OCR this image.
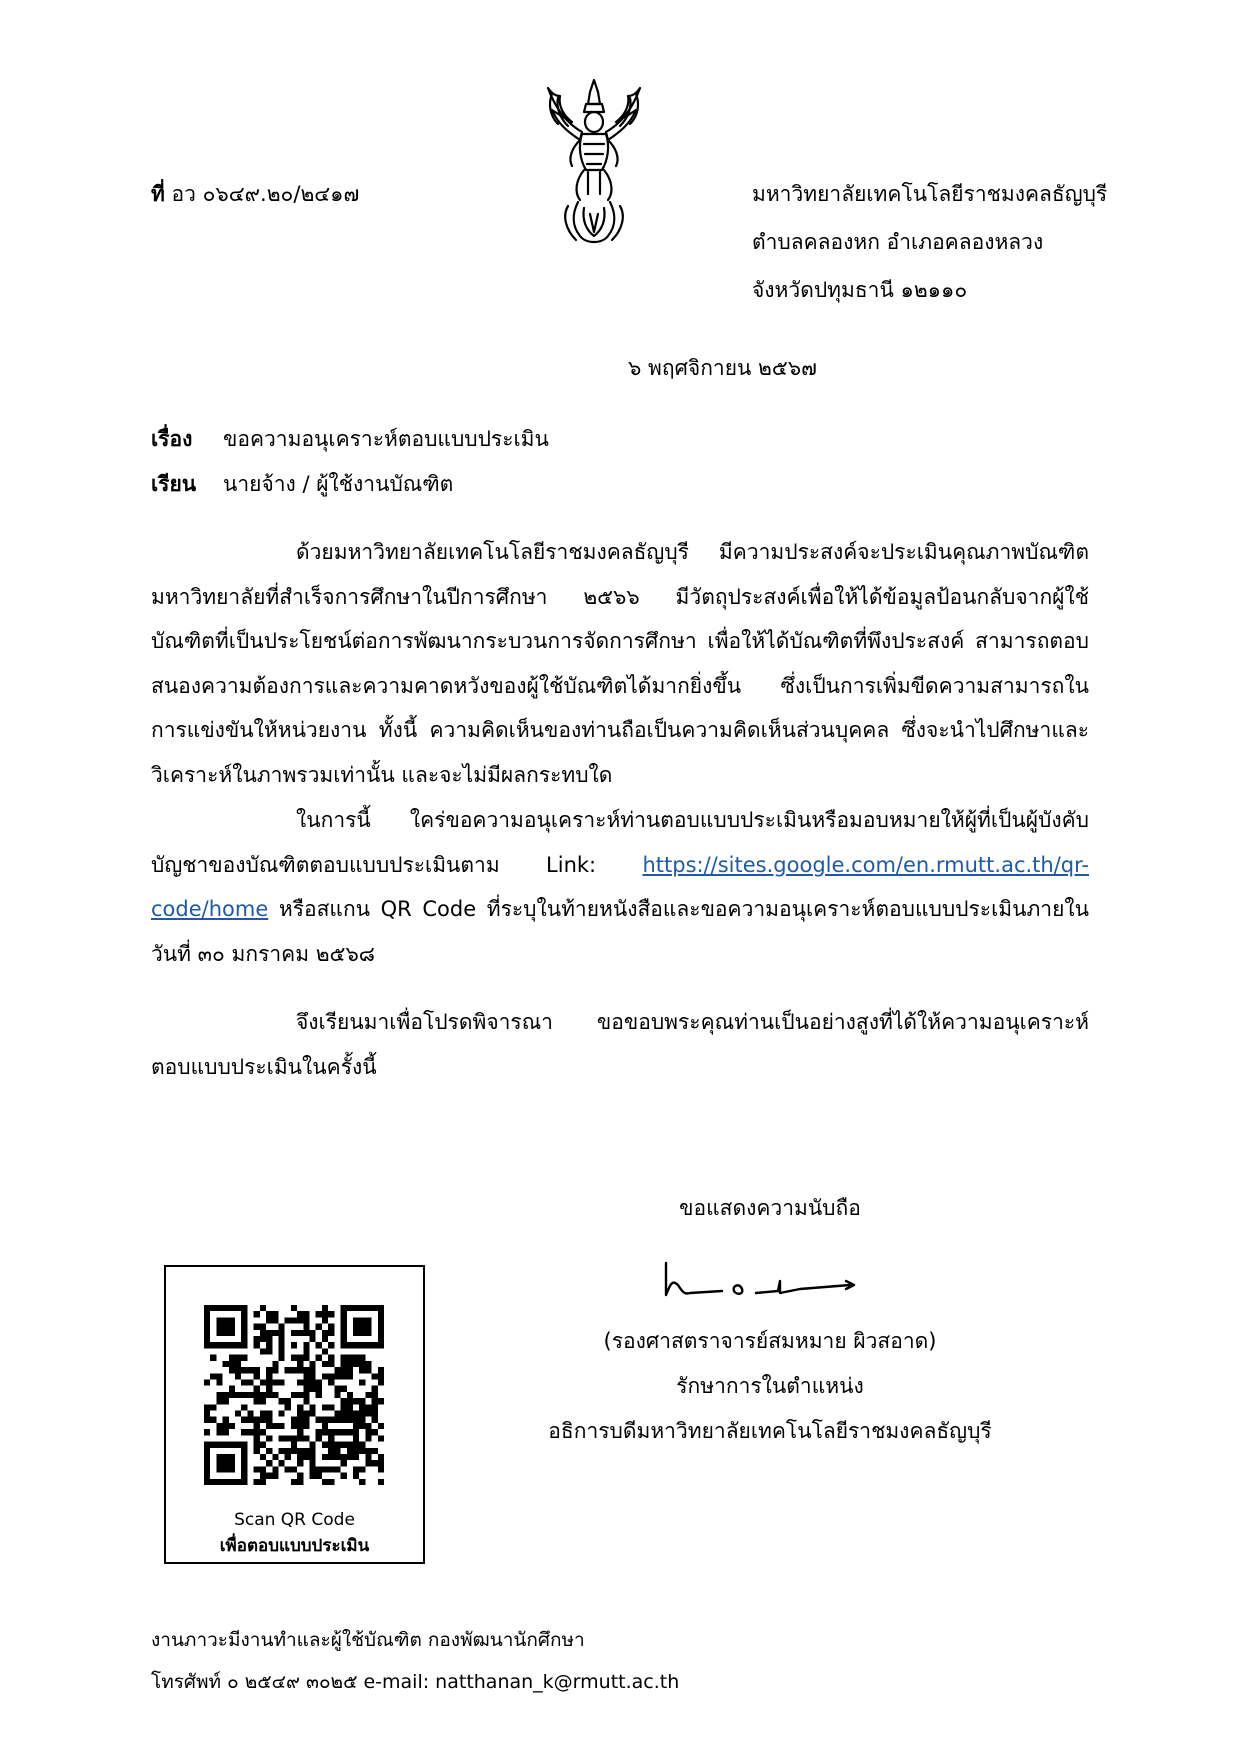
ที่ อว ๐๖๔๙.๒๐/๒๔๑๗	มหาวิทยาลัยเทคโนโลยีราชมงคลธัญบุรี
ตำบลคลองหก อำเภอคลองหลวง
จังหวัดปทุมธานี ๑๒๑๑๐
๖ พฤศจิกายน ๒๕๖๗
เรื่อง ขอความอนุเคราะห์ตอบแบบประเมิน
เรียน นายจ้าง / ผู้ใช้งานบัณฑิต

ด้วยมหาวิทยาลัยเทคโนโลยีราชมงคลธัญบุรี มีความประสงค์จะประเมินคุณภาพบัณฑิตมหาวิทยาลัยที่สำเร็จการศึกษาในปีการศึกษา ๒๕๖๖ มีวัตถุประสงค์เพื่อให้ได้ข้อมูลป้อนกลับจากผู้ใช้บัณฑิตที่เป็นประโยชน์ต่อการพัฒนากระบวนการจัดการศึกษา เพื่อให้ได้บัณฑิตที่พึงประสงค์ สามารถตอบสนองความต้องการและความคาดหวังของผู้ใช้บัณฑิตได้มากยิ่งขึ้น ซึ่งเป็นการเพิ่มขีดความสามารถในการแข่งขันให้หน่วยงาน ทั้งนี้ ความคิดเห็นของท่านถือเป็นความคิดเห็นส่วนบุคคล ซึ่งจะนำไปศึกษาและวิเคราะห์ในภาพรวมเท่านั้น และจะไม่มีผลกระทบใด

ในการนี้ ใคร่ขอความอนุเคราะห์ท่านตอบแบบประเมินหรือมอบหมายให้ผู้ที่เป็นผู้บังคับบัญชาของบัณฑิตตอบแบบประเมินตาม Link: https://sites.google.com/en.rmutt.ac.th/qr-code/home หรือสแกน QR Code ที่ระบุในท้ายหนังสือและขอความอนุเคราะห์ตอบแบบประเมินภายในวันที่ ๓๐ มกราคม ๒๕๖๘

จึงเรียนมาเพื่อโปรดพิจารณา ขอขอบพระคุณท่านเป็นอย่างสูงที่ได้ให้ความอนุเคราะห์ตอบแบบประเมินในครั้งนี้

ขอแสดงความนับถือ
(รองศาสตราจารย์สมหมาย ผิวสอาด)
รักษาการในตำแหน่ง
อธิการบดีมหาวิทยาลัยเทคโนโลยีราชมงคลธัญบุรี
Scan QR Code
เพื่อตอบแบบประเมิน
งานภาวะมีงานทำและผู้ใช้บัณฑิต กองพัฒนานักศึกษา
โทรศัพท์ ๐ ๒๕๔๙ ๓๐๒๕ e-mail: natthanan_k@rmutt.ac.th
